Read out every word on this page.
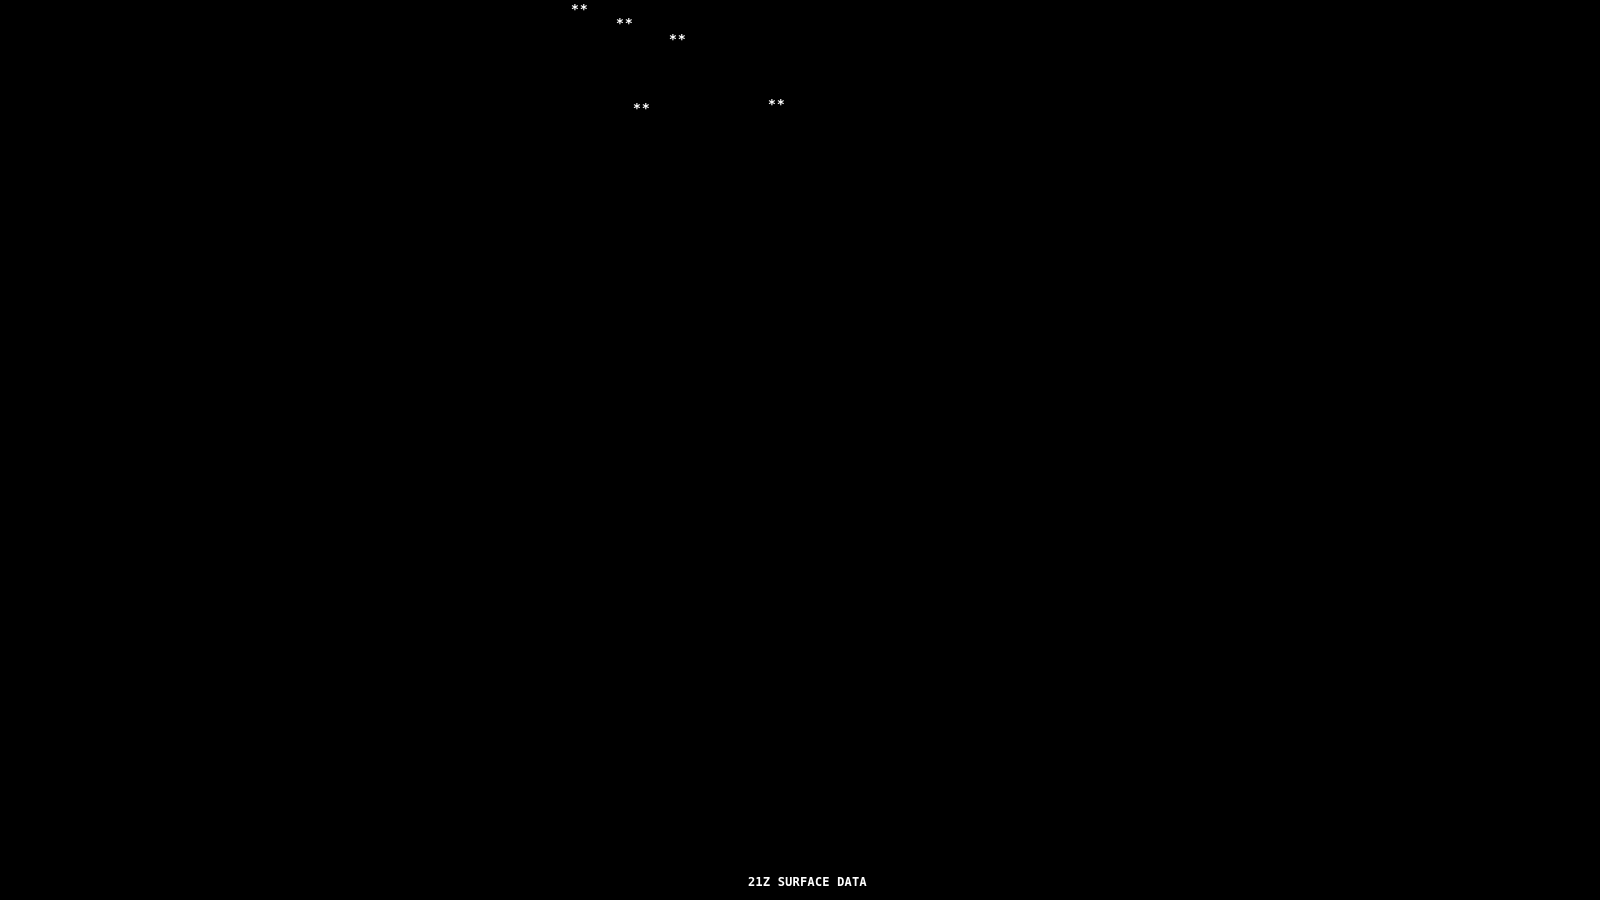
**
**
**
**	**
21Z SURFACE DATA
